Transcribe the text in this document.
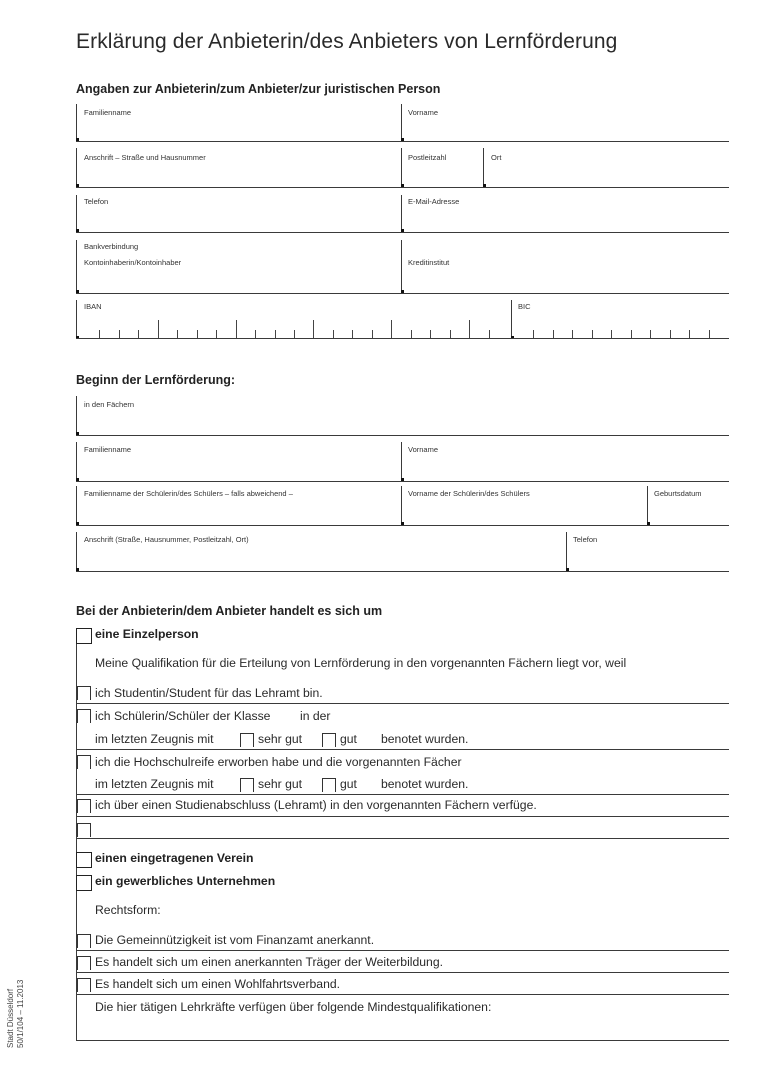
Erklärung der Anbieterin/des Anbieters von Lernförderung
Angaben zur Anbieterin/zum Anbieter/zur juristischen Person
Familienname	Vorname
Anschrift – Straße und Hausnummer	Postleitzahl	Ort
Telefon	E-Mail-Adresse
Bankverbindung
Kontoinhaberin/Kontoinhaber	Kreditinstitut
IBAN	BIC
Beginn der Lernförderung:
in den Fächern
Familienname	Vorname
Familienname der Schülerin/des Schülers – falls abweichend –	Vorname der Schülerin/des Schülers	Geburtsdatum
Anschrift (Straße, Hausnummer, Postleitzahl, Ort)	Telefon
Bei der Anbieterin/dem Anbieter handelt es sich um
eine Einzelperson
Meine Qualifikation für die Erteilung von Lernförderung in den vorgenannten Fächern liegt vor, weil
ich Studentin/Student für das Lehramt bin.
ich Schülerin/Schüler der Klasse in der
im letzten Zeugnis mit	sehr gut	gut benotet wurden.
ich die Hochschulreife erworben habe und die vorgenannten Fächer
im letzten Zeugnis mit	sehr gut	gut benotet wurden.
ich über einen Studienabschluss (Lehramt) in den vorgenannten Fächern verfüge.
einen eingetragenen Verein
ein gewerbliches Unternehmen
Rechtsform:
Die Gemeinnützigkeit ist vom Finanzamt anerkannt.
Es handelt sich um einen anerkannten Träger der Weiterbildung.
Es handelt sich um einen Wohlfahrtsverband.
Die hier tätigen Lehrkräfte verfügen über folgende Mindestqualifikationen:
Stadt Düsseldorf 50/1/104 – 11.2013
